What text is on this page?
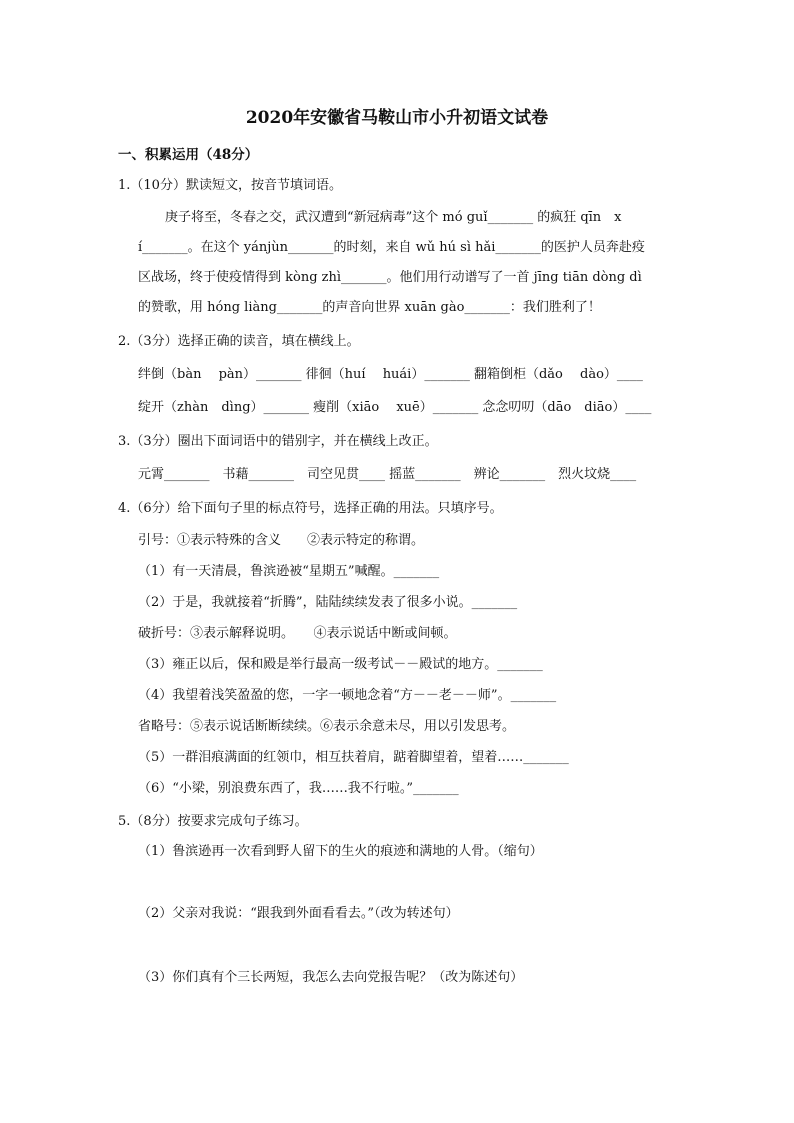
2020年安徽省马鞍山市小升初语文试卷
一、积累运用（48分）
1.（10分）默读短文，按音节填词语。
庚子将至，冬春之交，武汉遭到“新冠病毒”这个 mó guǐ_______ 的疯狂 qīn　x
í_______。在这个 yánjùn_______的时刻，来自 wǔ hú sì hǎi_______的医护人员奔赴疫
区战场，终于使疫情得到 kòng zhì_______。他们用行动谱写了一首 jīng tiān dòng dì
的赞歌，用 hóng liàng_______的声音向世界 xuān gào_______：我们胜利了！
2.（3分）选择正确的读音，填在横线上。
绊倒（bàn　 pàn）_______ 徘徊（huí　 huái）_______ 翻箱倒柜（dǎo　 dào）____
绽开（zhàn　dìng）_______ 瘦削（xiāo　 xuē）_______ 念念叨叨（dāo　diāo）____
3.（3分）圈出下面词语中的错别字，并在横线上改正。
元霄_______　书藉_______　司空见贯____ 摇蓝_______　辨论_______　烈火坟烧____
4.（6分）给下面句子里的标点符号，选择正确的用法。只填序号。
引号：①表示特殊的含义　　②表示特定的称谓。
（1）有一天清晨，鲁滨逊被“星期五”喊醒。_______
（2）于是，我就接着“折腾”，陆陆续续发表了很多小说。_______
破折号：③表示解释说明。　　④表示说话中断或间顿。
（3）雍正以后，保和殿是举行最高一级考试－－殿试的地方。_______
（4）我望着浅笑盈盈的您，一字一顿地念着“方－－老－－师”。_______
省略号：⑤表示说话断断续续。⑥表示余意未尽，用以引发思考。
（5）一群泪痕满面的红领巾，相互扶着肩，踮着脚望着，望着……_______
（6）“小梁，别浪费东西了，我……我不行啦。”_______
5.（8分）按要求完成句子练习。
（1）鲁滨逊再一次看到野人留下的生火的痕迹和满地的人骨。（缩句）
（2）父亲对我说：“跟我到外面看看去。”（改为转述句）
（3）你们真有个三长两短，我怎么去向党报告呢？（改为陈述句）
